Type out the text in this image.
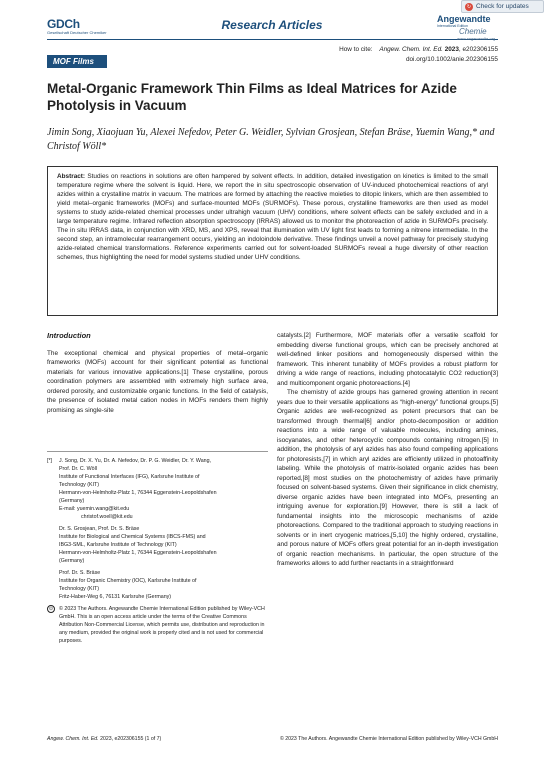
↻ Check for updates
GDCh
Gesellschaft Deutscher Chemiker
Research Articles	Angewandte
International Edition
Chemie
www.angewandte.org
MOF Films
How to cite: Angew. Chem. Int. Ed. 2023, e202306155
doi.org/10.1002/anie.202306155
Metal-Organic Framework Thin Films as Ideal Matrices for Azide Photolysis in Vacuum
Jimin Song, Xiaojuan Yu, Alexei Nefedov, Peter G. Weidler, Sylvian Grosjean, Stefan Bräse, Yuemin Wang,* and Christof Wöll*
Abstract: Studies on reactions in solutions are often hampered by solvent effects. In addition, detailed investigation on kinetics is limited to the small temperature regime where the solvent is liquid. Here, we report the in situ spectroscopic observation of UV-induced photochemical reactions of aryl azides within a crystalline matrix in vacuum. The matrices are formed by attaching the reactive moieties to ditopic linkers, which are then assembled to yield metal–organic frameworks (MOFs) and surface-mounted MOFs (SURMOFs). These porous, crystalline frameworks are then used as model systems to study azide-related chemical processes under ultrahigh vacuum (UHV) conditions, where solvent effects can be safely excluded and in a large temperature regime. Infrared reflection absorption spectroscopy (IRRAS) allowed us to monitor the photoreaction of azide in SURMOFs precisely. The in situ IRRAS data, in conjunction with XRD, MS, and XPS, reveal that illumination with UV light first leads to forming a nitrene intermediate. In the second step, an intramolecular rearrangement occurs, yielding an indoloindole derivative. These findings unveil a novel pathway for precisely studying azide-related chemical transformations. Reference experiments carried out for solvent-loaded SURMOFs reveal a huge diversity of other reaction schemes, thus highlighting the need for model systems studied under UHV conditions.
Introduction

The exceptional chemical and physical properties of metal–organic frameworks (MOFs) account for their significant potential as functional materials for various innovative applications.[1] These crystalline, porous coordination polymers are assembled with extremely high surface area, ordered porosity, and customizable organic functions. In the field of catalysis, the presence of isolated metal cation nodes in MOFs renders them highly promising as single-site

[*] J. Song, Dr. X. Yu, Dr. A. Nefedov, Dr. P. G. Weidler, Dr. Y. Wang,
Prof. Dr. C. Wöll
Institute of Functional Interfaces (IFG), Karlsruhe Institute of
Technology (KIT)
Hermann-von-Helmholtz-Platz 1, 76344 Eggenstein-Leopoldshafen
(Germany)
E-mail: yuemin.wang@kit.edu
christof.woell@kit.edu
Dr. S. Grosjean, Prof. Dr. S. Bräse
Institute for Biological and Chemical Systems (IBCS-FMS) and
IBG3-SML, Karlsruhe Institute of Technology (KIT)
Hermann-von-Helmholtz-Platz 1, 76344 Eggenstein-Leopoldshafen
(Germany)
Prof. Dr. S. Bräse
Institute for Organic Chemistry (IOC), Karlsruhe Institute of
Technology (KIT)
Fritz-Haber-Weg 6, 76131 Karlsruhe (Germany)
⊙	© 2023 The Authors. Angewandte Chemie International Edition published by Wiley-VCH GmbH. This is an open access article under the terms of the Creative Commons Attribution Non-Commercial License, which permits use, distribution and reproduction in any medium, provided the original work is properly cited and is not used for commercial purposes.

catalysts.[2] Furthermore, MOF materials offer a versatile scaffold for embedding diverse functional groups, which can be precisely anchored at well-defined linker positions and homogeneously dispersed within the framework. This inherent tunability of MOFs provides a robust platform for driving a wide range of reactions, including photocatalytic CO2 reduction[3] and multicomponent organic photoreactions.[4]

The chemistry of azide groups has garnered growing attention in recent years due to their versatile applications as “high-energy” functional groups.[5] Organic azides are well-recognized as potent precursors that can be transformed through thermal[6] and/or photo-decomposition or addition reactions into a wide range of valuable molecules, including amines, isocyanates, and other heterocyclic compounds containing nitrogen.[5] In addition, the photolysis of aryl azides has also found compelling applications for photoresists,[7] in which aryl azides are efficiently utilized in photoaffinity labeling. While the photolysis of matrix-isolated organic azides has been reported,[8] most studies on the photochemistry of azides have primarily focused on solvent-based systems. Given their significance in click chemistry, diverse organic azides have been integrated into MOFs, presenting an intriguing avenue for exploration.[9] However, there is still a lack of fundamental insights into the microscopic mechanisms of azide photoreactions. Compared to the traditional approach to studying reactions in solvents or in inert cryogenic matrices,[5,10] the highly ordered, crystalline, and porous nature of MOFs offers great potential for an in-depth investigation of organic reaction mechanisms. In particular, the open structure of the frameworks allows to add further reactants in a straightforward

Angew. Chem. Int. Ed. 2023, e202306155 (1 of 7)	© 2023 The Authors. Angewandte Chemie International Edition published by Wiley-VCH GmbH
